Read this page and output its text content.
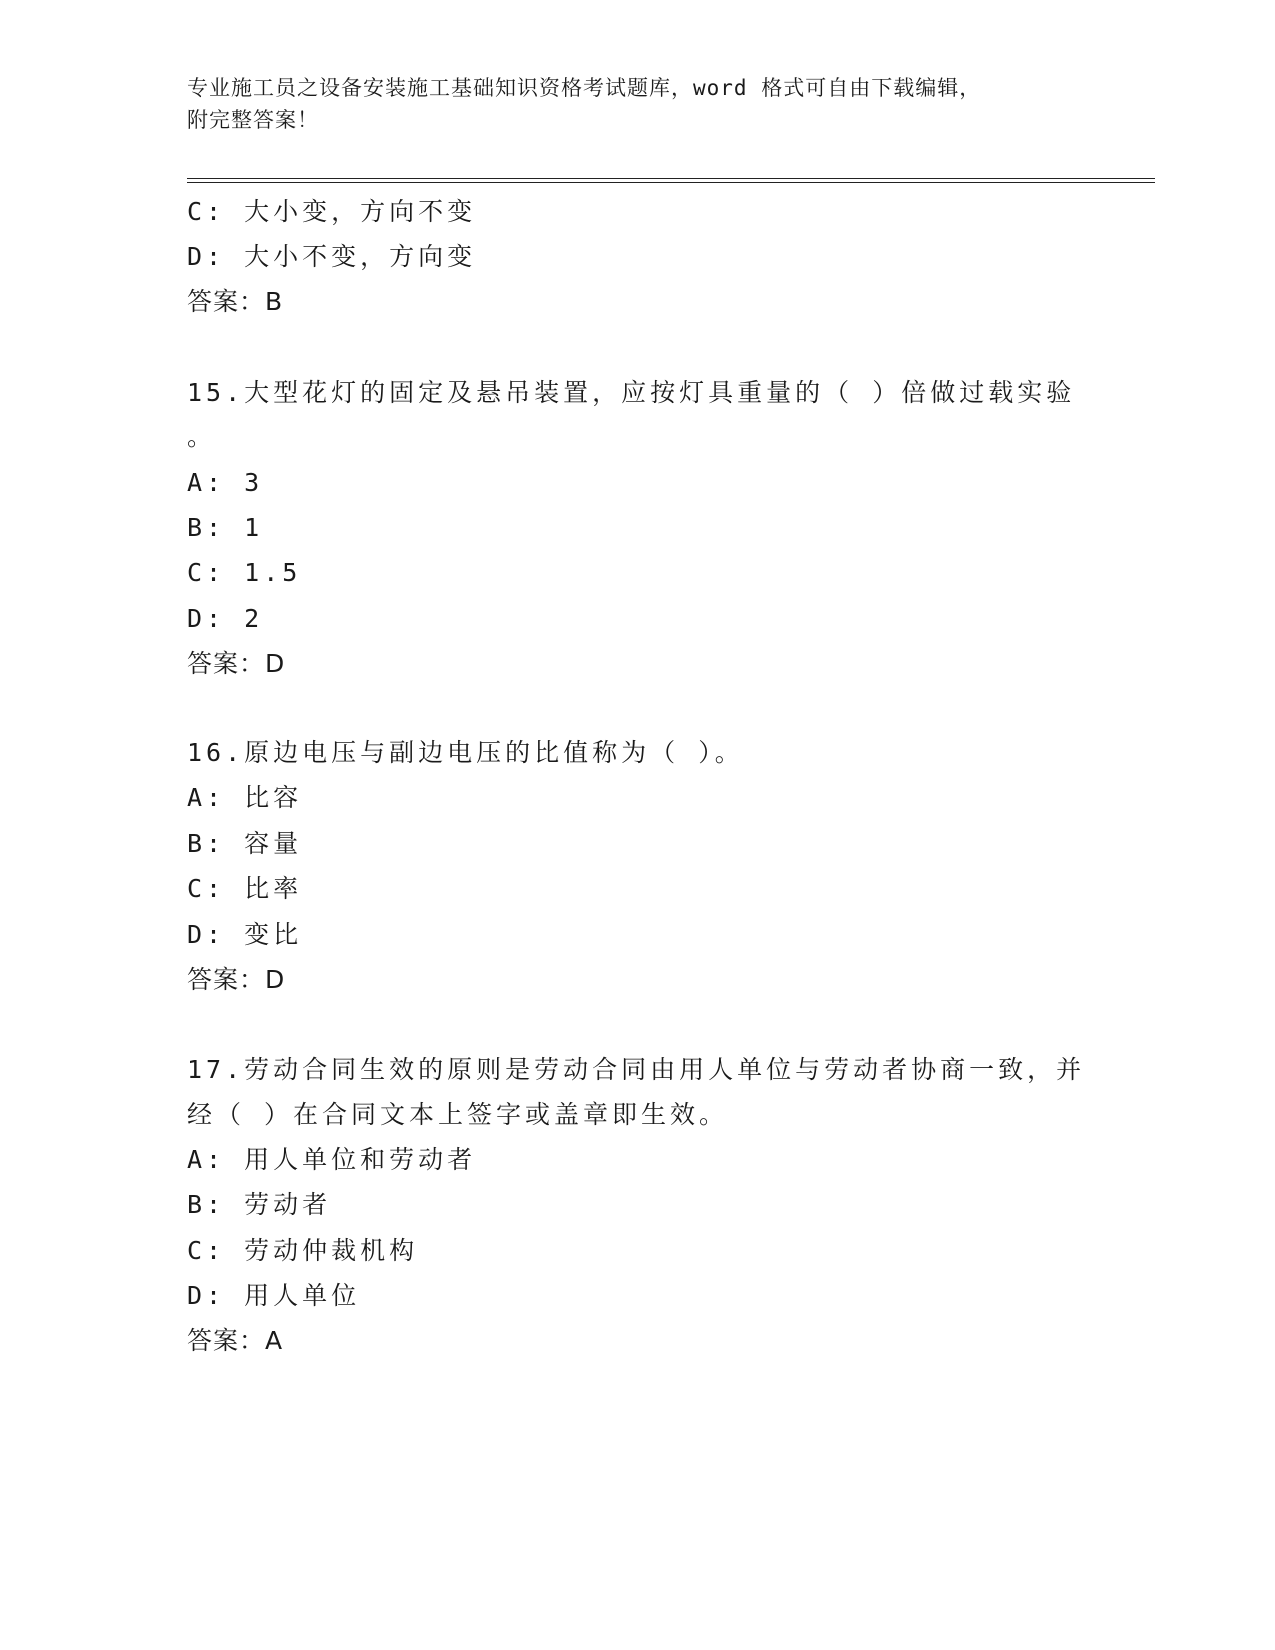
专业施工员之设备安装施工基础知识资格考试题库，word 格式可自由下载编辑，
附完整答案！
C: 大小变，方向不变
D: 大小不变，方向变
答案：B
15.大型花灯的固定及悬吊装置，应按灯具重量的（ ）倍做过载实验
。
A: 3
B: 1
C: 1.5
D: 2
答案：D
16.原边电压与副边电压的比值称为（ ）。
A: 比容
B: 容量
C: 比率
D: 变比
答案：D
17.劳动合同生效的原则是劳动合同由用人单位与劳动者协商一致，并
经（ ）在合同文本上签字或盖章即生效。
A: 用人单位和劳动者
B: 劳动者
C: 劳动仲裁机构
D: 用人单位
答案：A
